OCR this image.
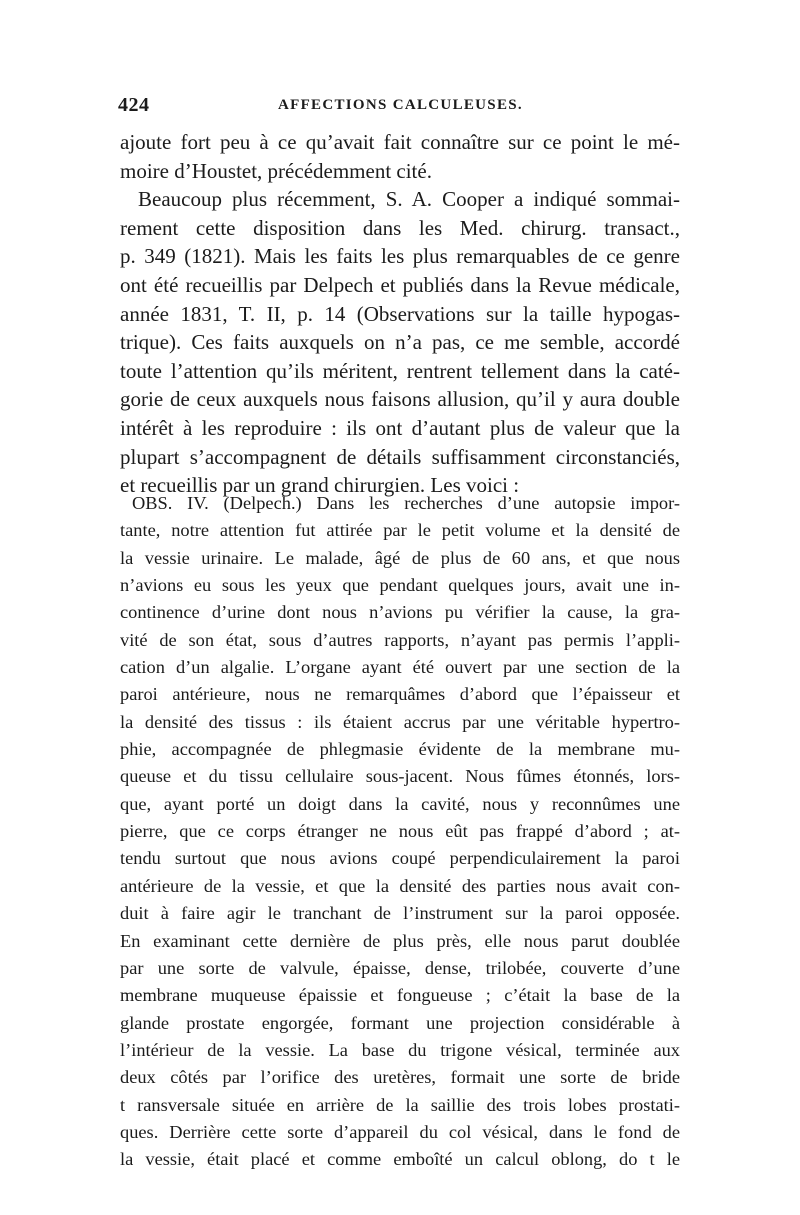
424	AFFECTIONS CALCULEUSES.
ajoute fort peu à ce qu’avait fait connaître sur ce point le mé-
moire d’Houstet, précédemment cité.
Beaucoup plus récemment, S. A. Cooper a indiqué sommai-
rement cette disposition dans les Med. chirurg. transact.,
p. 349 (1821). Mais les faits les plus remarquables de ce genre
ont été recueillis par Delpech et publiés dans la Revue médicale,
année 1831, T. II, p. 14 (Observations sur la taille hypogas-
trique). Ces faits auxquels on n’a pas, ce me semble, accordé
toute l’attention qu’ils méritent, rentrent tellement dans la caté-
gorie de ceux auxquels nous faisons allusion, qu’il y aura double
intérêt à les reproduire : ils ont d’autant plus de valeur que la
plupart s’accompagnent de détails suffisamment circonstanciés,
et recueillis par un grand chirurgien. Les voici :
OBS. IV. (Delpech.) Dans les recherches d’une autopsie impor-
tante, notre attention fut attirée par le petit volume et la densité de
la vessie urinaire. Le malade, âgé de plus de 60 ans, et que nous
n’avions eu sous les yeux que pendant quelques jours, avait une in-
continence d’urine dont nous n’avions pu vérifier la cause, la gra-
vité de son état, sous d’autres rapports, n’ayant pas permis l’appli-
cation d’un algalie. L’organe ayant été ouvert par une section de la
paroi antérieure, nous ne remarquâmes d’abord que l’épaisseur et
la densité des tissus : ils étaient accrus par une véritable hypertro-
phie, accompagnée de phlegmasie évidente de la membrane mu-
queuse et du tissu cellulaire sous-jacent. Nous fûmes étonnés, lors-
que, ayant porté un doigt dans la cavité, nous y reconnûmes une
pierre, que ce corps étranger ne nous eût pas frappé d’abord ; at-
tendu surtout que nous avions coupé perpendiculairement la paroi
antérieure de la vessie, et que la densité des parties nous avait con-
duit à faire agir le tranchant de l’instrument sur la paroi opposée.
En examinant cette dernière de plus près, elle nous parut doublée
par une sorte de valvule, épaisse, dense, trilobée, couverte d’une
membrane muqueuse épaissie et fongueuse ; c’était la base de la
glande prostate engorgée, formant une projection considérable à
l’intérieur de la vessie. La base du trigone vésical, terminée aux
deux côtés par l’orifice des uretères, formait une sorte de bride
t ransversale située en arrière de la saillie des trois lobes prostati-
ques. Derrière cette sorte d’appareil du col vésical, dans le fond de
la vessie, était placé et comme emboîté un calcul oblong, do t le
